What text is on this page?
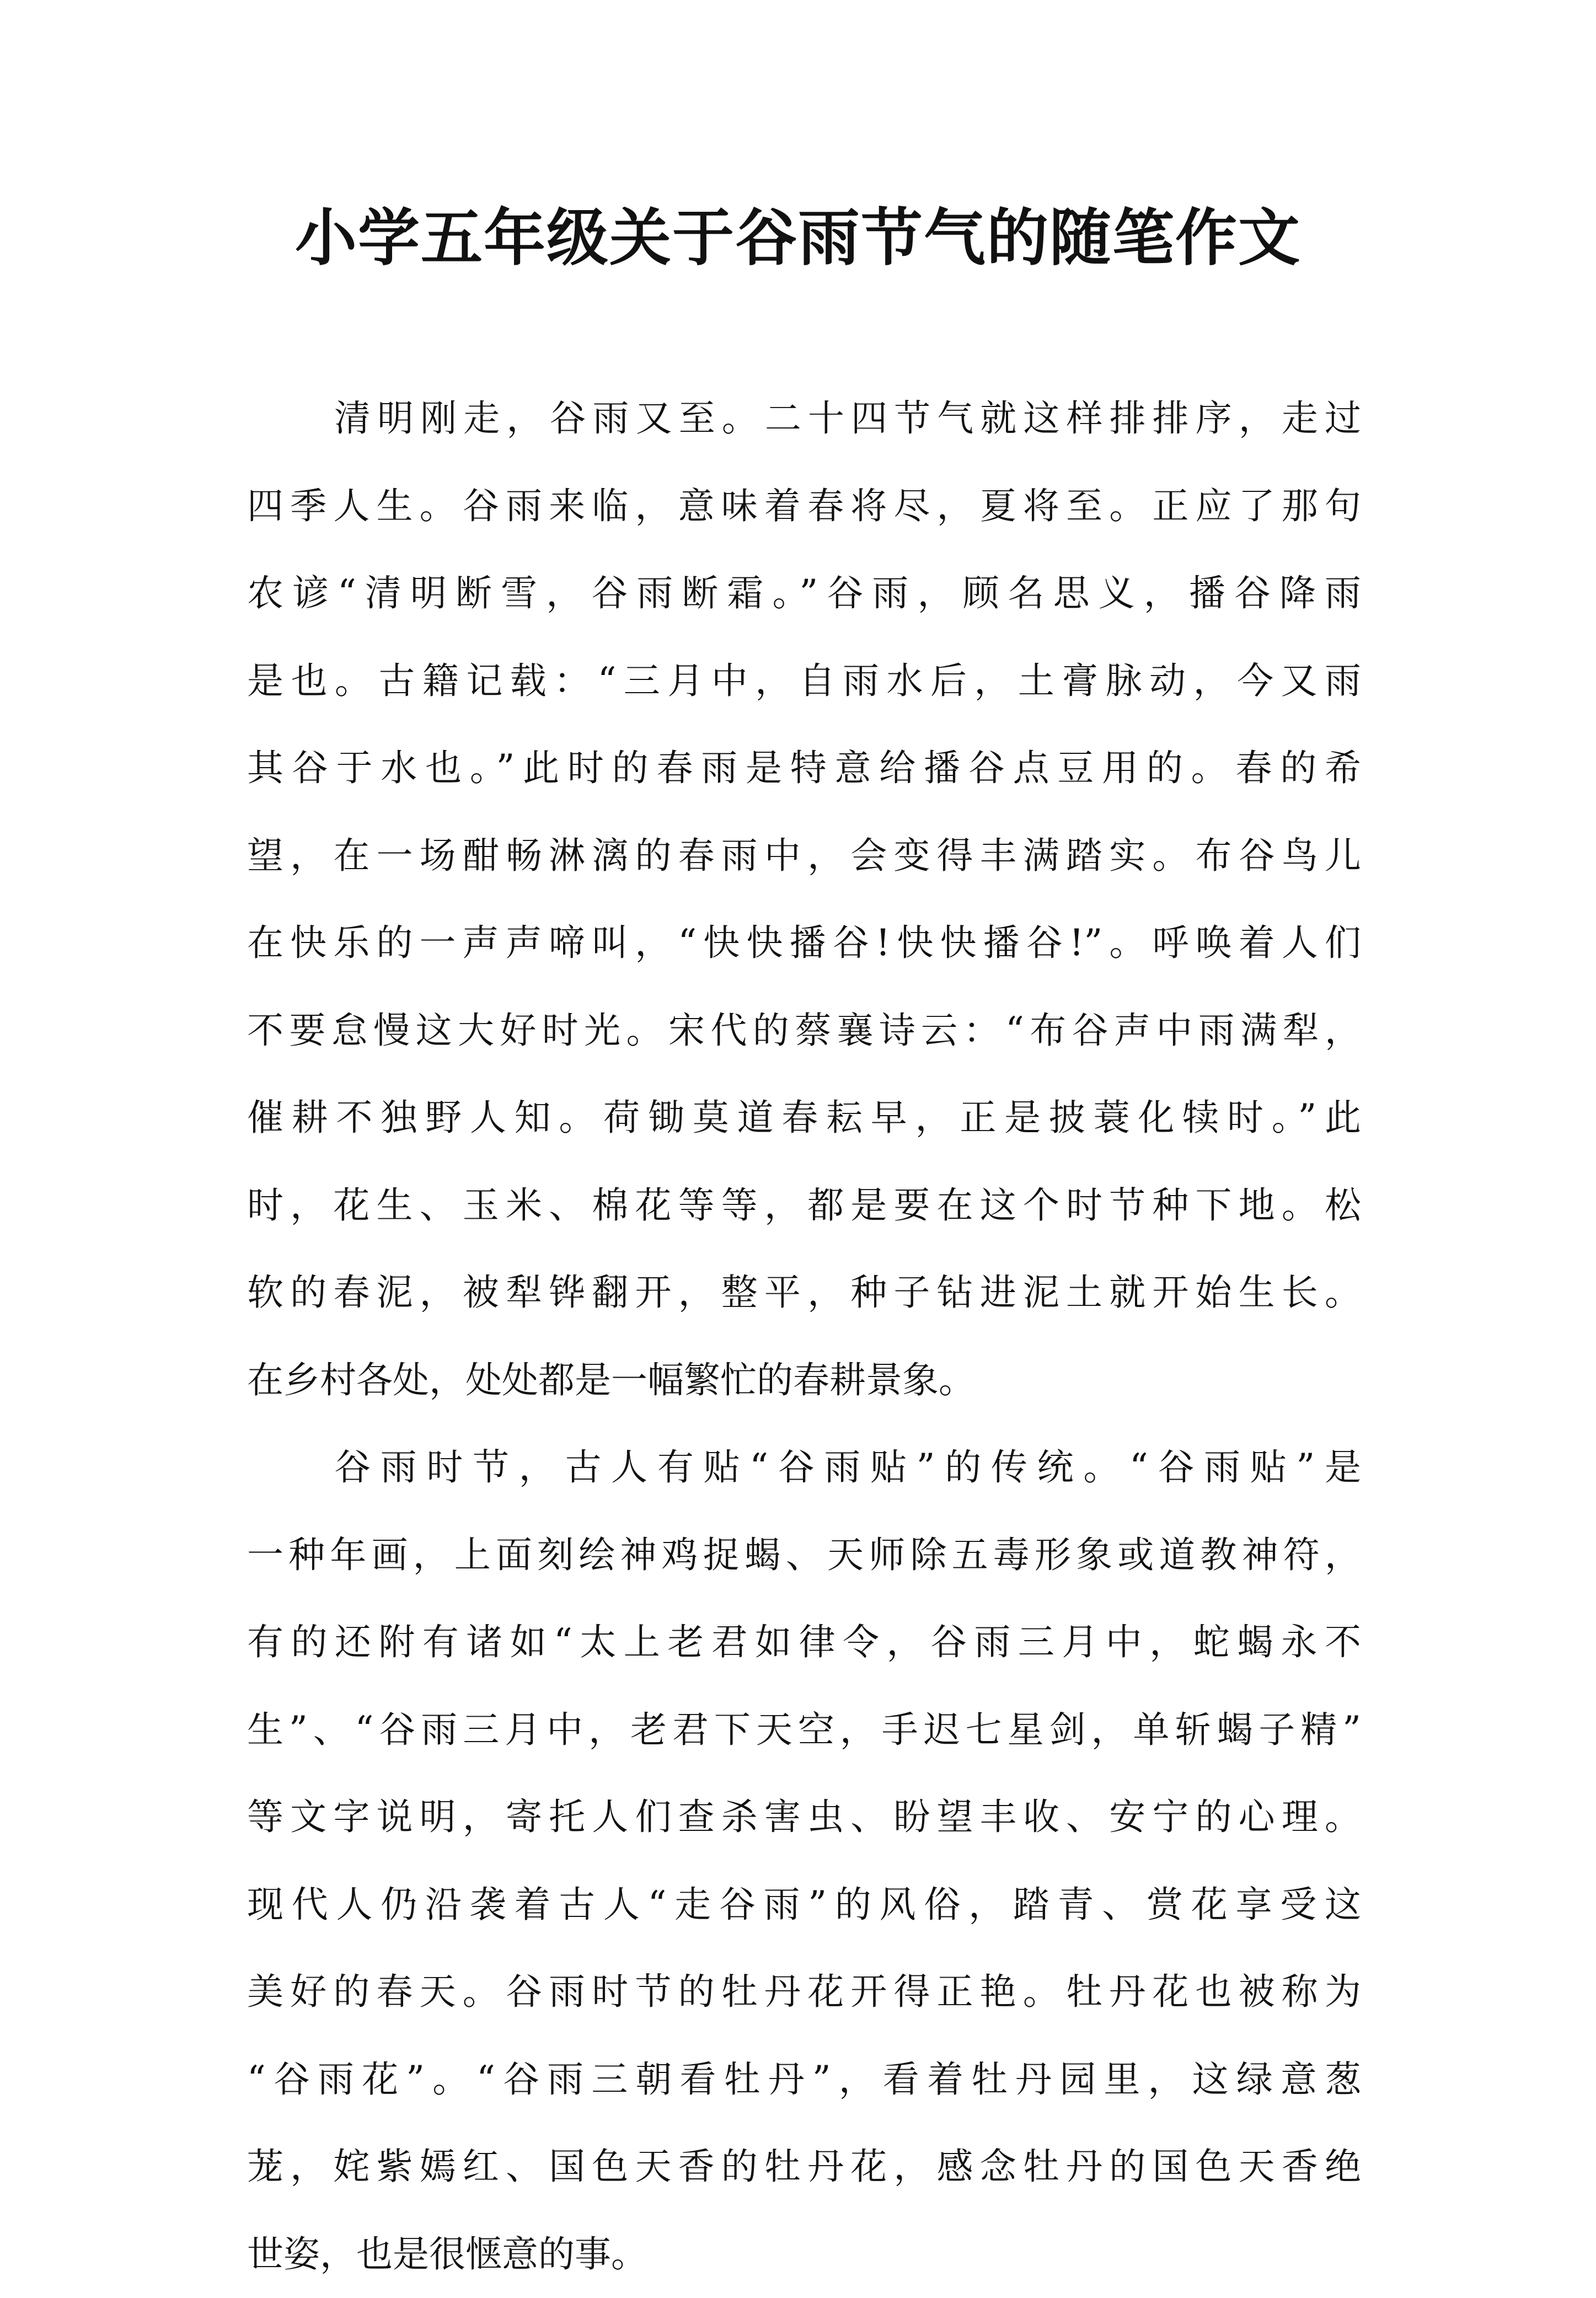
小学五年级关于谷雨节气的随笔作文
清明刚走，谷雨又至。二十四节气就这样排排序，走过
四季人生。谷雨来临，意味着春将尽，夏将至。正应了那句
农谚“清明断雪，谷雨断霜。”谷雨，顾名思义，播谷降雨
是也。古籍记载：“三月中，自雨水后，土膏脉动，今又雨
其谷于水也。”此时的春雨是特意给播谷点豆用的。春的希
望，在一场酣畅淋漓的春雨中，会变得丰满踏实。布谷鸟儿
在快乐的一声声啼叫，“快快播谷!快快播谷!”。呼唤着人们
不要怠慢这大好时光。宋代的蔡襄诗云：“布谷声中雨满犁，
催耕不独野人知。荷锄莫道春耘早，正是披蓑化犊时。”此
时，花生、玉米、棉花等等，都是要在这个时节种下地。松
软的春泥，被犁铧翻开，整平，种子钻进泥土就开始生长。
在乡村各处，处处都是一幅繁忙的春耕景象。
谷雨时节，古人有贴“谷雨贴”的传统。“谷雨贴”是
一种年画，上面刻绘神鸡捉蝎、天师除五毒形象或道教神符，
有的还附有诸如“太上老君如律令，谷雨三月中，蛇蝎永不
生”、“谷雨三月中，老君下天空，手迟七星剑，单斩蝎子精”
等文字说明，寄托人们查杀害虫、盼望丰收、安宁的心理。
现代人仍沿袭着古人“走谷雨”的风俗，踏青、赏花享受这
美好的春天。谷雨时节的牡丹花开得正艳。牡丹花也被称为
“谷雨花”。“谷雨三朝看牡丹”，看着牡丹园里，这绿意葱
茏，姹紫嫣红、国色天香的牡丹花，感念牡丹的国色天香绝
世姿，也是很惬意的事。
